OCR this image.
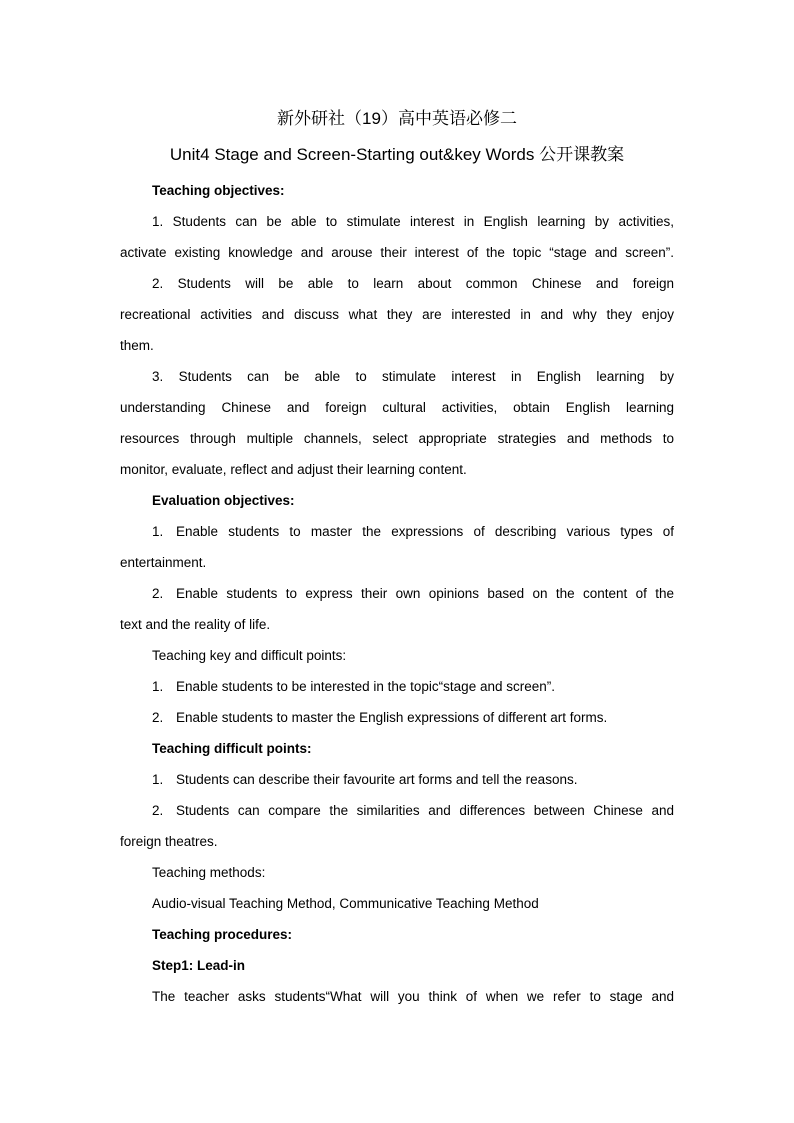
新外研社（19）高中英语必修二

Unit4 Stage and Screen-Starting out&key Words 公开课教案

Teaching objectives:

1. Students can be able to stimulate interest in English learning by activities,

activate existing knowledge and arouse their interest of the topic “stage and screen”.

2. Students will be able to learn about common Chinese and foreign

recreational activities and discuss what they are interested in and why they enjoy

them.

3. Students can be able to stimulate interest in English learning by

understanding Chinese and foreign cultural activities, obtain English learning

resources through multiple channels, select appropriate strategies and methods to

monitor, evaluate, reflect and adjust their learning content.

Evaluation objectives:

1. Enable students to master the expressions of describing various types of

entertainment.

2. Enable students to express their own opinions based on the content of the

text and the reality of life.

Teaching key and difficult points:

1. Enable students to be interested in the topic“stage and screen”.

2. Enable students to master the English expressions of different art forms.

Teaching difficult points:

1. Students can describe their favourite art forms and tell the reasons.

2. Students can compare the similarities and differences between Chinese and

foreign theatres.

Teaching methods:

Audio-visual Teaching Method, Communicative Teaching Method

Teaching procedures:

Step1: Lead-in

The teacher asks students“What will you think of when we refer to stage and
